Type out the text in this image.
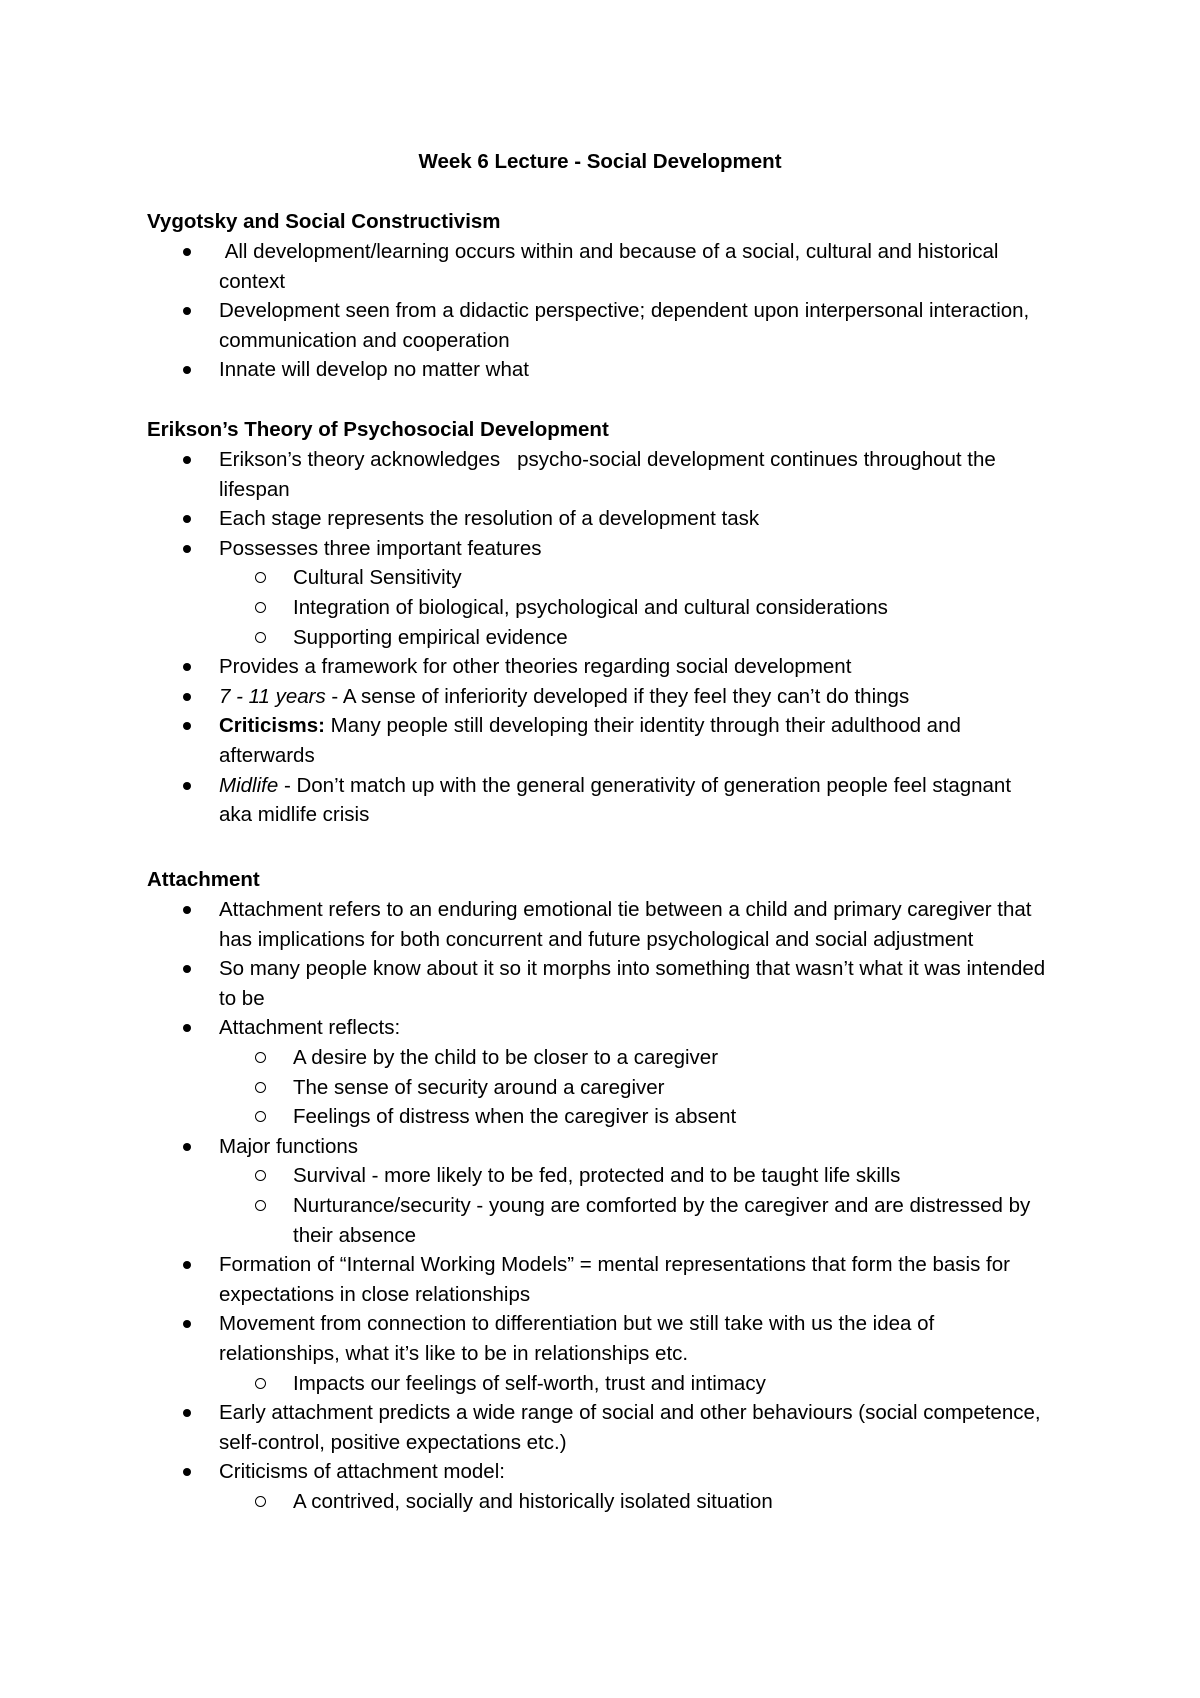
Week 6 Lecture - Social Development
Vygotsky and Social Constructivism
All development/learning occurs within and because of a social, cultural and historical context
Development seen from a didactic perspective; dependent upon interpersonal interaction, communication and cooperation
Innate will develop no matter what
Erikson’s Theory of Psychosocial Development
Erikson’s theory acknowledges   psycho-social development continues throughout the lifespan
Each stage represents the resolution of a development task
Possesses three important features
Cultural Sensitivity
Integration of biological, psychological and cultural considerations
Supporting empirical evidence
Provides a framework for other theories regarding social development
7 - 11 years - A sense of inferiority developed if they feel they can’t do things
Criticisms: Many people still developing their identity through their adulthood and afterwards
Midlife - Don’t match up with the general generativity of generation people feel stagnant aka midlife crisis
Attachment
Attachment refers to an enduring emotional tie between a child and primary caregiver that has implications for both concurrent and future psychological and social adjustment
So many people know about it so it morphs into something that wasn’t what it was intended to be
Attachment reflects:
A desire by the child to be closer to a caregiver
The sense of security around a caregiver
Feelings of distress when the caregiver is absent
Major functions
Survival - more likely to be fed, protected and to be taught life skills
Nurturance/security - young are comforted by the caregiver and are distressed by their absence
Formation of “Internal Working Models” = mental representations that form the basis for expectations in close relationships
Movement from connection to differentiation but we still take with us the idea of relationships, what it’s like to be in relationships etc.
Impacts our feelings of self-worth, trust and intimacy
Early attachment predicts a wide range of social and other behaviours (social competence, self-control, positive expectations etc.)
Criticisms of attachment model:
A contrived, socially and historically isolated situation
